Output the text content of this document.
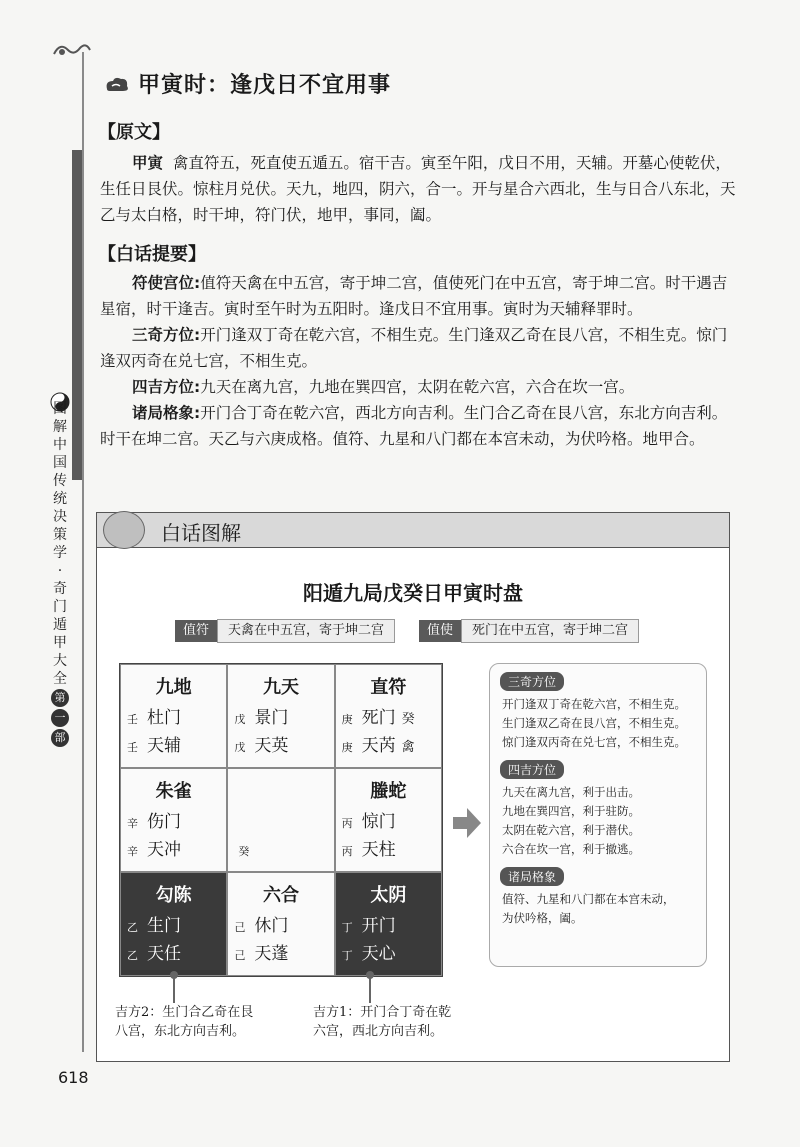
甲寅时：逢戊日不宜用事
【原文】

甲寅 禽直符五，死直使五遁五。宿干吉。寅至午阳，戊日不用，天辅。开墓心使乾伏，生任日艮伏。惊柱月兑伏。天九，地四，阴六，合一。开与星合六西北，生与日合八东北，天乙与太白格，时干坤，符门伏，地甲，事同，阖。

【白话提要】

符使宫位:值符天禽在中五宫，寄于坤二宫，值使死门在中五宫，寄于坤二宫。时干遇吉星宿，时干逢吉。寅时至午时为五阳时。逢戊日不宜用事。寅时为天辅释罪时。

三奇方位:开门逢双丁奇在乾六宫，不相生克。生门逢双乙奇在艮八宫，不相生克。惊门逢双丙奇在兑七宫，不相生克。

四吉方位:九天在离九宫，九地在巽四宫，太阴在乾六宫，六合在坎一宫。

诸局格象:开门合丁奇在乾六宫，西北方向吉利。生门合乙奇在艮八宫，东北方向吉利。时干在坤二宫。天乙与六庚成格。值符、九星和八门都在本宫未动，为伏吟格。地甲合。

图
解
中
国
传
统
决
策
学
·
奇
门
遁
甲
大
全
第一部
白话图解
阳遁九局戊癸日甲寅时盘
值符 天禽在中五宫，寄于坤二宫	值使 死门在中五宫，寄于坤二宫
九地
壬 杜门
壬 天辅
九天
戊 景门
戊 天英
直符
庚 死门 癸
庚 天芮 禽
朱雀
辛 伤门
辛 天冲	癸
螣蛇
丙 惊门
丙 天柱
勾陈
乙 生门
乙 天任
六合
己 休门
己 天蓬
太阴
丁 开门
丁 天心
三奇方位
开门逢双丁奇在乾六宫，不相生克。
生门逢双乙奇在艮八宫，不相生克。
惊门逢双丙奇在兑七宫，不相生克。
四吉方位
九天在离九宫，利于出击。
九地在巽四宫，利于驻防。
太阴在乾六宫，利于潜伏。
六合在坎一宫，利于撤逃。
诸局格象
值符、九星和八门都在本宫未动，
为伏吟格，阖。
吉方2：生门合乙奇在艮
八宫，东北方向吉利。
吉方1：开门合丁奇在乾
六宫，西北方向吉利。
618
